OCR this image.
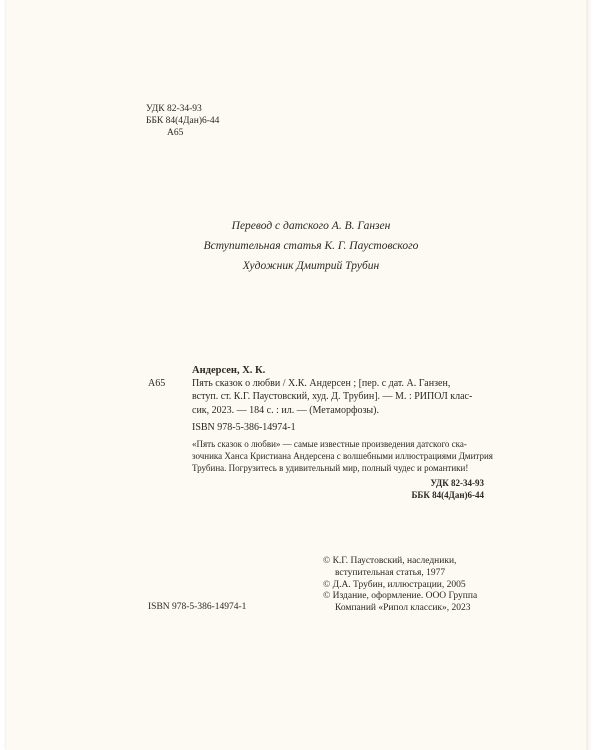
УДК 82-34-93
ББК 84(4Дан)6-44
А65
Перевод с датского А. В. Ганзен
Вступительная статья К. Г. Паустовского
Художник Дмитрий Трубин
Андерсен, Х. К.
А65	Пять сказок о любви / Х.К. Андерсен ; [пер. с дат. А. Ганзен,
вступ. ст. К.Г. Паустовский, худ. Д. Трубин]. — М. : РИПОЛ клас-
сик, 2023. — 184 с. : ил. — (Метаморфозы).
ISBN 978-5-386-14974-1
«Пять сказок о любви» — самые известные произведения датского ска-
зочника Ханса Кристиана Андерсена с волшебными иллюстрациями Дмитрия
Трубина. Погрузитесь в удивительный мир, полный чудес и романтики!
УДК 82-34-93
ББК 84(4Дан)6-44
© К.Г. Паустовский, наследники,
вступительная статья, 1977
© Д.А. Трубин, иллюстрации, 2005
© Издание, оформление. ООО Группа
Компаний «Рипол классик», 2023
ISBN 978-5-386-14974-1
